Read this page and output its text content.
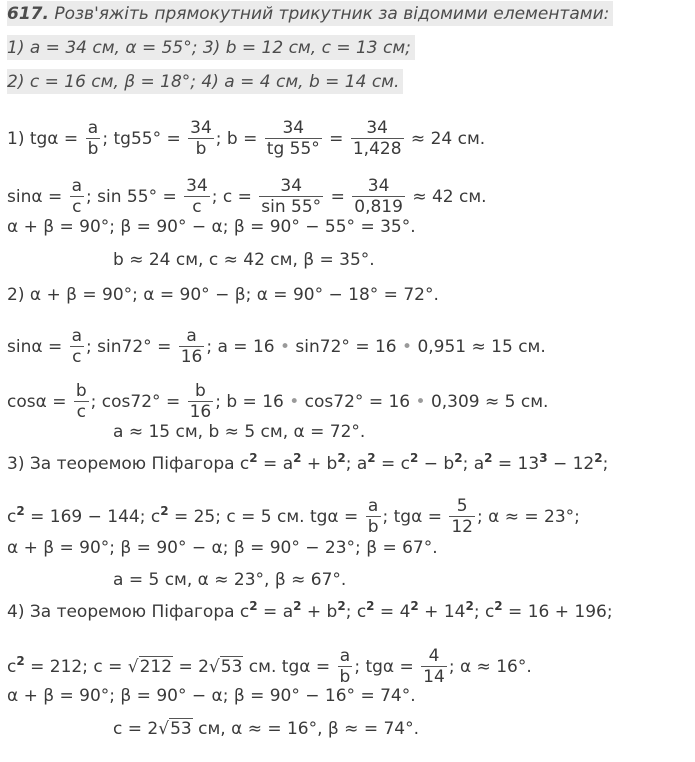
617. Розв'яжіть прямокутний трикутник за відомими елементами:
1) a = 34 см, α = 55°; 3) b = 12 см, c = 13 см;
2) c = 16 см, β = 18°; 4) a = 4 см, b = 14 см.
1) $tg\alpha = \frac{a}{b}$ ; $tg55^\circ = \frac{34}{b}$ ; $b = \frac{34}{tg 55^\circ} = \frac{34}{1,428} \approx 24$ см.
$\sin\alpha = \frac{a}{c}$ ; $\sin 55^\circ = \frac{34}{c}$ ; $c = \frac{34}{\sin 55^\circ} = \frac{34}{0,819} \approx 42$ см.
α + β = 90°; β = 90° − α; β = 90° − 55° = 35°.
b ≈ 24 см, c ≈ 42 см, β = 35°.
2) α + β = 90°; α = 90° − β; α = 90° − 18° = 72°.
$\sin\alpha = \frac{a}{c}$ ; $\sin 72^\circ = \frac{a}{16}$ ; a = 16 • sin72° = 16 • 0,951 ≈ 15 см.
$\cos\alpha = \frac{b}{c}$ ; $\cos 72^\circ = \frac{b}{16}$ ; b = 16 • cos72° = 16 • 0,309 ≈ 5 см.
a ≈ 15 см, b ≈ 5 см, α = 72°.
3) За теоремою Піфагора $c^2 = a^2 + b^2$; $a^2 = c^2 - b^2$; $a^2 = 13^3 - 12^2$;
$c^2 = 169 - 144$; $c^2 = 25$; c = 5 см. $tg\alpha = \frac{a}{b}$ ; $tg\alpha = \frac{5}{12}$ ; α ≈ = 23°;
α + β = 90°; β = 90° − α; β = 90° − 23°; β = 67°.
a = 5 см, α ≈ 23°, β ≈ 67°.
4) За теоремою Піфагора $c^2 = a^2 + b^2$; $c^2 = 4^2 + 14^2$; $c^2 = 16 + 196$;
$c^2 = 212$; c = √212 = 2√53 см. $tg\alpha = \frac{a}{b}$ ; $tg\alpha = \frac{4}{14}$ ; α ≈ 16°.
α + β = 90°; β = 90° − α; β = 90° − 16° = 74°.
c = 2√53 см, α ≈ = 16°, β ≈ = 74°.
